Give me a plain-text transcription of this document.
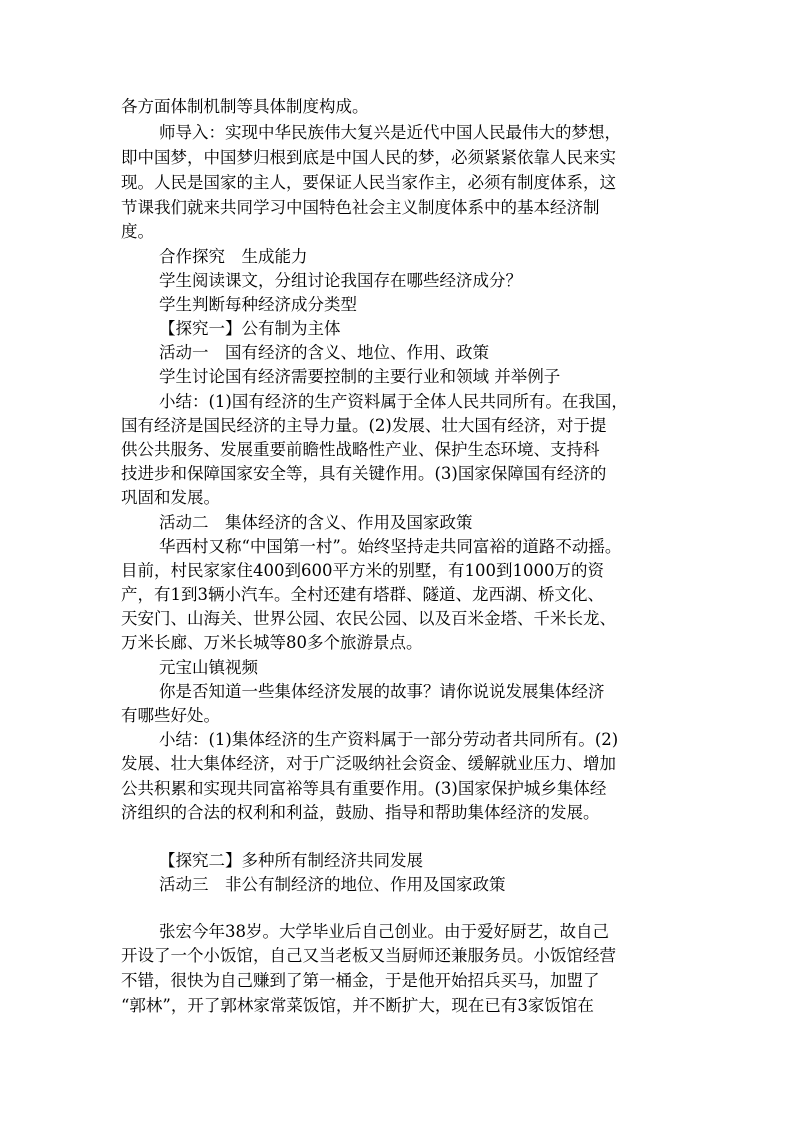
各方面体制机制等具体制度构成。
师导入：实现中华民族伟大复兴是近代中国人民最伟大的梦想，
即中国梦，中国梦归根到底是中国人民的梦，必须紧紧依靠人民来实
现。人民是国家的主人，要保证人民当家作主，必须有制度体系，这
节课我们就来共同学习中国特色社会主义制度体系中的基本经济制
度。
合作探究　生成能力
学生阅读课文，分组讨论我国存在哪些经济成分？
学生判断每种经济成分类型
【探究一】公有制为主体
活动一　国有经济的含义、地位、作用、政策
学生讨论国有经济需要控制的主要行业和领域 并举例子
小结：(1)国有经济的生产资料属于全体人民共同所有。在我国，
国有经济是国民经济的主导力量。(2)发展、壮大国有经济，对于提
供公共服务、发展重要前瞻性战略性产业、保护生态环境、支持科
技进步和保障国家安全等，具有关键作用。(3)国家保障国有经济的
巩固和发展。
活动二　集体经济的含义、作用及国家政策
华西村又称“中国第一村”。始终坚持走共同富裕的道路不动摇。
目前，村民家家住400到600平方米的别墅，有100到1000万的资
产，有1到3辆小汽车。全村还建有塔群、隧道、龙西湖、桥文化、
天安门、山海关、世界公园、农民公园、以及百米金塔、千米长龙、
万米长廊、万米长城等80多个旅游景点。
元宝山镇视频
你是否知道一些集体经济发展的故事？请你说说发展集体经济
有哪些好处。
小结：(1)集体经济的生产资料属于一部分劳动者共同所有。(2)
发展、壮大集体经济，对于广泛吸纳社会资金、缓解就业压力、增加
公共积累和实现共同富裕等具有重要作用。(3)国家保护城乡集体经
济组织的合法的权利和利益，鼓励、指导和帮助集体经济的发展。
【探究二】多种所有制经济共同发展
活动三　非公有制经济的地位、作用及国家政策
张宏今年38岁。大学毕业后自己创业。由于爱好厨艺，故自己
开设了一个小饭馆，自己又当老板又当厨师还兼服务员。小饭馆经营
不错，很快为自己赚到了第一桶金，于是他开始招兵买马，加盟了
“郭林”，开了郭林家常菜饭馆，并不断扩大，现在已有3家饭馆在
